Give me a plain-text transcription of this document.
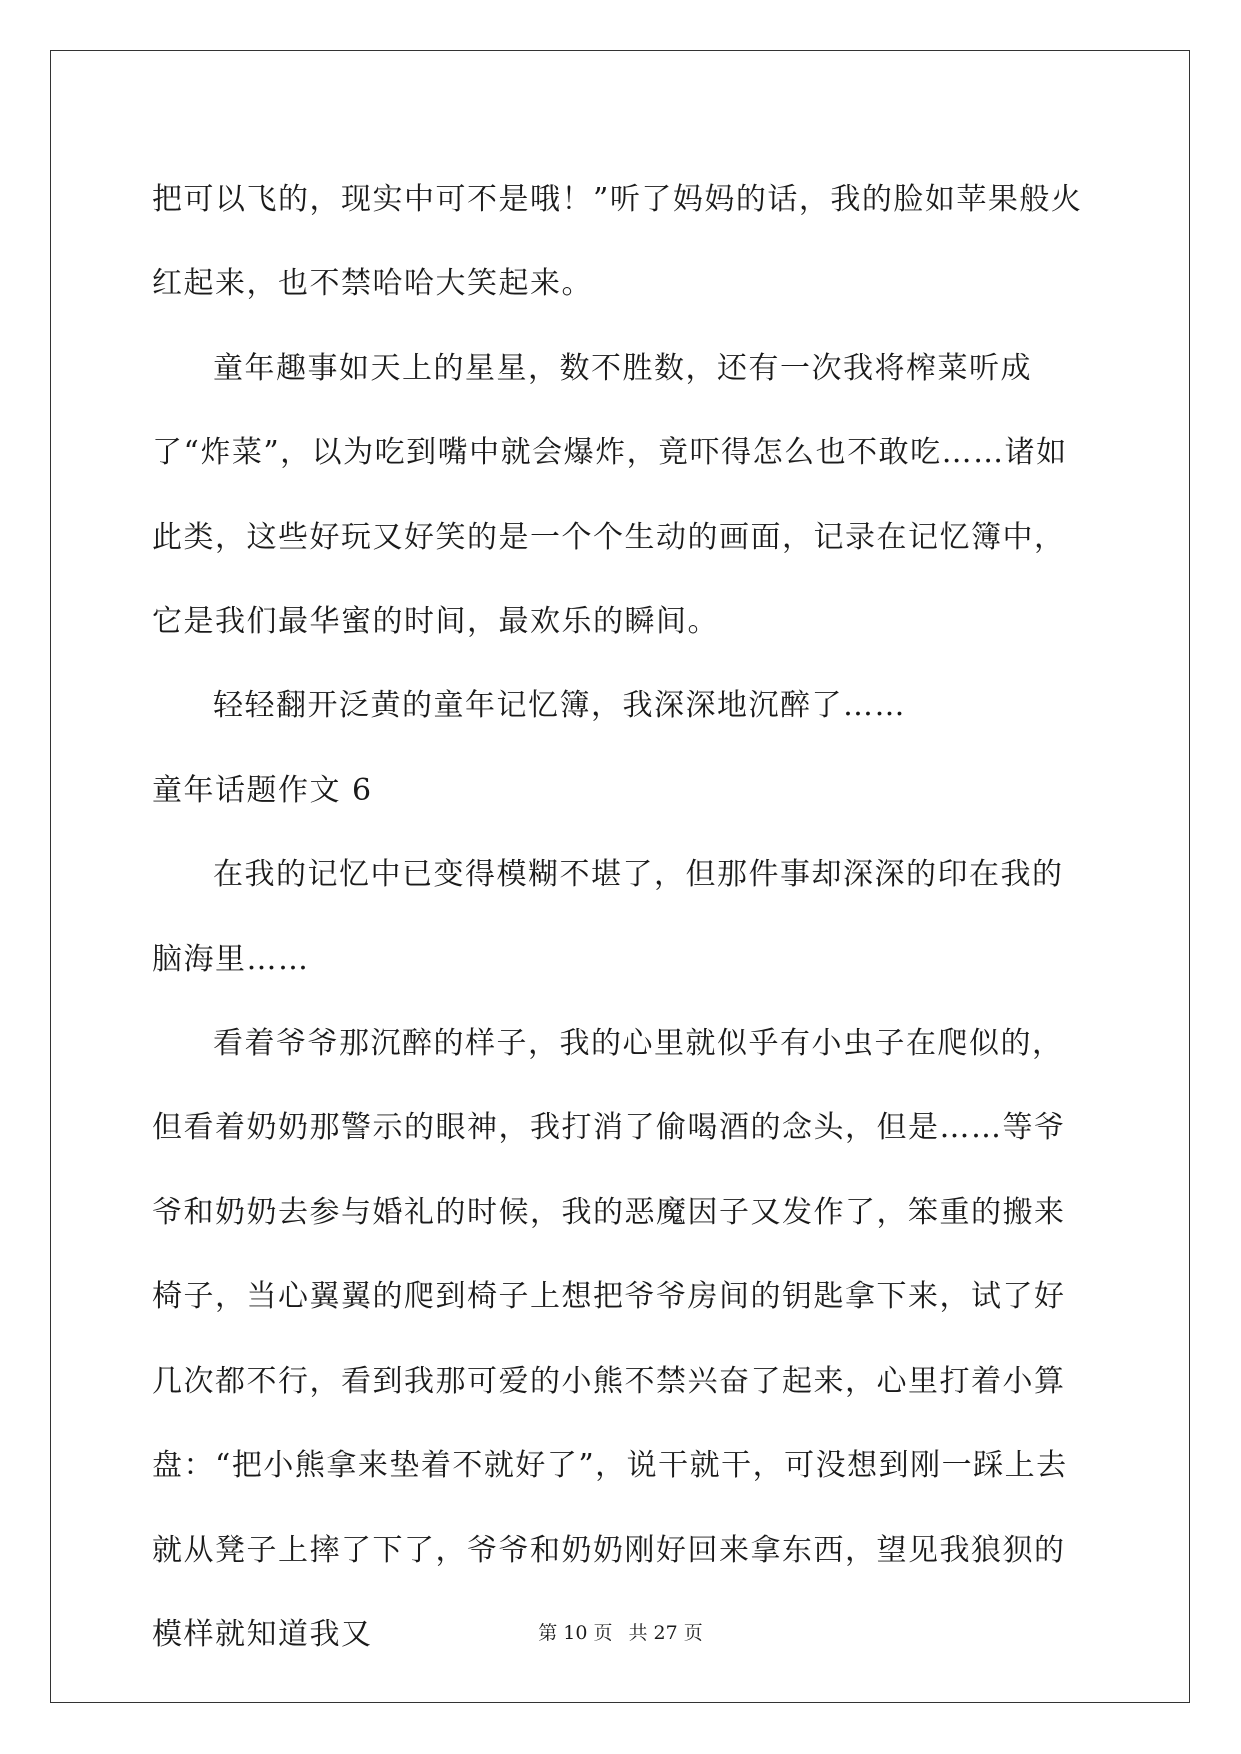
把可以飞的，现实中可不是哦！”听了妈妈的话，我的脸如苹果般火红起来，也不禁哈哈大笑起来。

童年趣事如天上的星星，数不胜数，还有一次我将榨菜听成了“炸菜”，以为吃到嘴中就会爆炸，竟吓得怎么也不敢吃……诸如此类，这些好玩又好笑的是一个个生动的画面，记录在记忆簿中，它是我们最华蜜的时间，最欢乐的瞬间。

轻轻翻开泛黄的童年记忆簿，我深深地沉醉了……

童年话题作文 6

在我的记忆中已变得模糊不堪了，但那件事却深深的印在我的脑海里……

看着爷爷那沉醉的样子，我的心里就似乎有小虫子在爬似的，但看着奶奶那警示的眼神，我打消了偷喝酒的念头，但是……等爷爷和奶奶去参与婚礼的时候，我的恶魔因子又发作了，笨重的搬来椅子，当心翼翼的爬到椅子上想把爷爷房间的钥匙拿下来，试了好几次都不行，看到我那可爱的小熊不禁兴奋了起来，心里打着小算盘：“把小熊拿来垫着不就好了”，说干就干，可没想到刚一踩上去就从凳子上摔了下了，爷爷和奶奶刚好回来拿东西，望见我狼狈的模样就知道我又	第 10 页 共 27 页
